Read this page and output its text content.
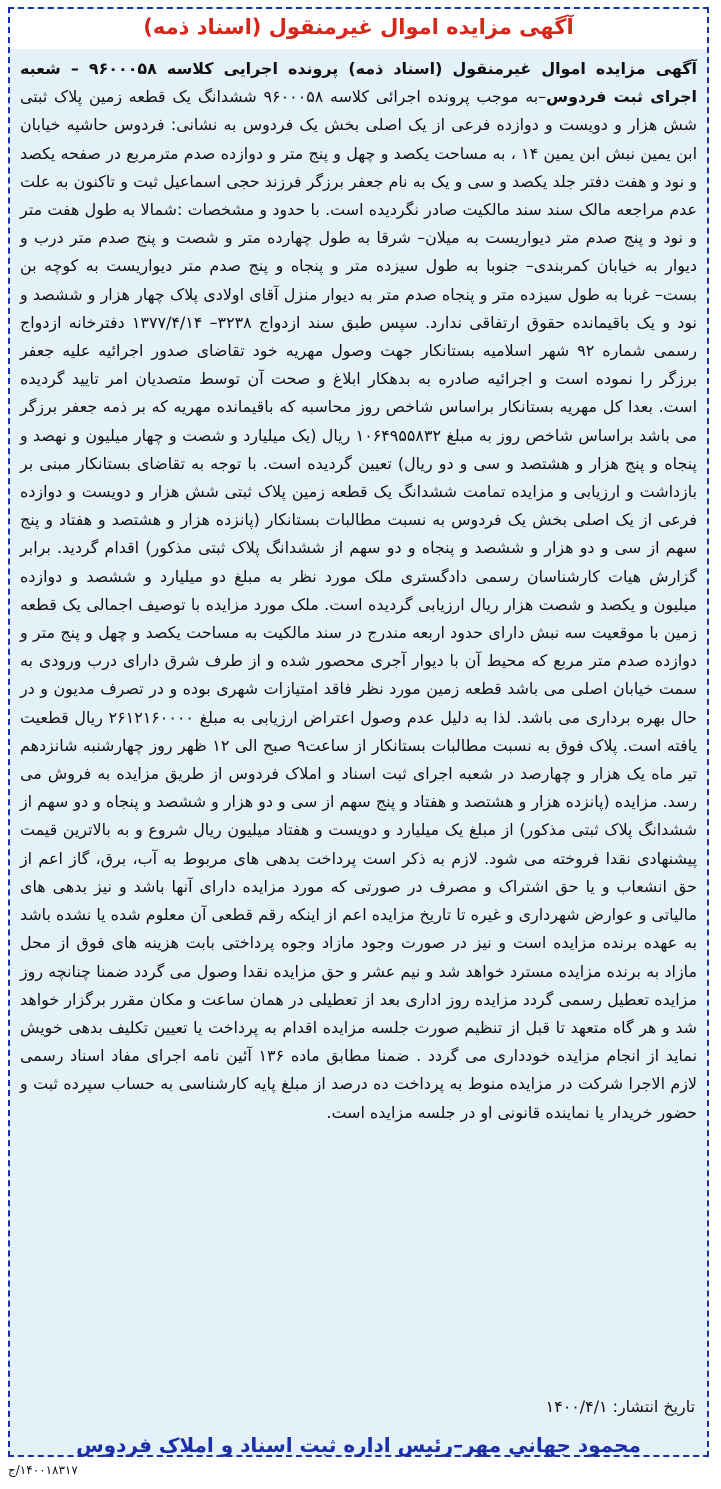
آگهی مزایده اموال غیرمنقول (اسناد ذمه)

آگهی مزایده اموال غیرمنقول (اسناد ذمه) پرونده اجرایی کلاسه ۹۶۰۰۰۵۸ – شعبه اجرای ثبت فردوس–به موجب پرونده اجرائی کلاسه ۹۶۰۰۰۵۸ ششدانگ یک قطعه زمین پلاک ثبتی شش هزار و دویست و دوازده فرعی از یک اصلی بخش یک فردوس به نشانی: فردوس حاشیه خیابان ابن یمین نبش ابن یمین ۱۴ ، به مساحت یکصد و چهل و پنج متر و دوازده صدم مترمربع در صفحه یکصد و نود و هفت دفتر جلد یکصد و سی و یک به نام جعفر برزگر فرزند حجی اسماعیل ثبت و تاکنون به علت عدم مراجعه مالک سند سند مالکیت صادر نگردیده است. با حدود و مشخصات :شمالا به طول هفت متر و نود و پنج صدم متر دیواریست به میلان– شرقا به طول چهارده متر و شصت و پنج صدم متر درب و دیوار به خیابان کمربندی– جنوبا به طول سیزده متر و پنجاه و پنج صدم متر دیواریست به کوچه بن بست– غربا به طول سیزده متر و پنجاه صدم متر به دیوار منزل آقای اولادی پلاک چهار هزار و ششصد و نود و یک باقیمانده حقوق ارتفاقی ندارد. سپس طبق سند ازدواج ۳۲۳۸– ۱۳۷۷/۴/۱۴ دفترخانه ازدواج رسمی شماره ۹۲ شهر اسلامیه بستانکار جهت وصول مهریه خود تقاضای صدور اجرائیه علیه جعفر برزگر را نموده است و اجرائیه صادره به بدهکار ابلاغ و صحت آن توسط متصدیان امر تایید گردیده است. بعدا کل مهریه بستانکار براساس شاخص روز محاسبه که باقیمانده مهریه که بر ذمه جعفر برزگر می باشد براساس شاخص روز به مبلغ ۱۰۶۴۹۵۵۸۳۲ ریال (یک میلیارد و شصت و چهار میلیون و نهصد و پنجاه و پنج هزار و هشتصد و سی و دو ریال) تعیین گردیده است. با توجه به تقاضای بستانکار مبنی بر بازداشت و ارزیابی و مزایده تمامت ششدانگ یک قطعه زمین پلاک ثبتی شش هزار و دویست و دوازده فرعی از یک اصلی بخش یک فردوس به نسبت مطالبات بستانکار (پانزده هزار و هشتصد و هفتاد و پنج سهم از سی و دو هزار و ششصد و پنجاه و دو سهم از ششدانگ پلاک ثبتی مذکور) اقدام گردید. برابر گزارش هیات کارشناسان رسمی دادگستری ملک مورد نظر به مبلغ دو میلیارد و ششصد و دوازده میلیون و یکصد و شصت هزار ریال ارزیابی گردیده است. ملک مورد مزایده با توصیف اجمالی یک قطعه زمین با موقعیت سه نبش دارای حدود اربعه مندرج در سند مالکیت به مساحت یکصد و چهل و پنج متر و دوازده صدم متر مربع که محیط آن با دیوار آجری محصور شده و از طرف شرق دارای درب ورودی به سمت خیابان اصلی می باشد قطعه زمین مورد نظر فاقد امتیازات شهری بوده و در تصرف مدیون و در حال بهره برداری می باشد. لذا به دلیل عدم وصول اعتراض ارزیابی به مبلغ ۲۶۱۲۱۶۰۰۰۰ ریال قطعیت یافته است. پلاک فوق به نسبت مطالبات بستانکار از ساعت۹ صبح الی ۱۲ ظهر روز چهارشنبه شانزدهم تیر ماه یک هزار و چهارصد در شعبه اجرای ثبت اسناد و املاک فردوس از طریق مزایده به فروش می رسد. مزایده (پانزده هزار و هشتصد و هفتاد و پنج سهم از سی و دو هزار و ششصد و پنجاه و دو سهم از ششدانگ پلاک ثبتی مذکور) از مبلغ یک میلیارد و دویست و هفتاد میلیون ریال شروع و به بالاترین قیمت پیشنهادی نقدا فروخته می شود. لازم به ذکر است پرداخت بدهی های مربوط به آب، برق، گاز اعم از حق انشعاب و یا حق اشتراک و مصرف در صورتی که مورد مزایده دارای آنها باشد و نیز بدهی های مالیاتی و عوارض شهرداری و غیره تا تاریخ مزایده اعم از اینکه رقم قطعی آن معلوم شده یا نشده باشد به عهده برنده مزایده است و نیز در صورت وجود مازاد وجوه پرداختی بابت هزینه های فوق از محل مازاد به برنده مزایده مسترد خواهد شد و نیم عشر و حق مزایده نقدا وصول می گردد ضمنا چنانچه روز مزایده تعطیل رسمی گردد مزایده روز اداری بعد از تعطیلی در همان ساعت و مکان مقرر برگزار خواهد شد و هر گاه متعهد تا قبل از تنظیم صورت جلسه مزایده اقدام به پرداخت یا تعیین تکلیف بدهی خویش نماید از انجام مزایده خودداری می گردد . ضمنا مطابق ماده ۱۳۶ آئین نامه اجرای مفاد اسناد رسمی لازم الاجرا شرکت در مزایده منوط به پرداخت ده درصد از مبلغ پایه کارشناسی به حساب سپرده ثبت و حضور خریدار یا نماینده قانونی او در جلسه مزایده است.

تاریخ انتشار: ۱۴۰۰/۴/۱
محمود جهانی مهر–رئیس اداره ثبت اسناد و املاک فردوس
۱۴۰۰۱۸۳۱۷/ج
